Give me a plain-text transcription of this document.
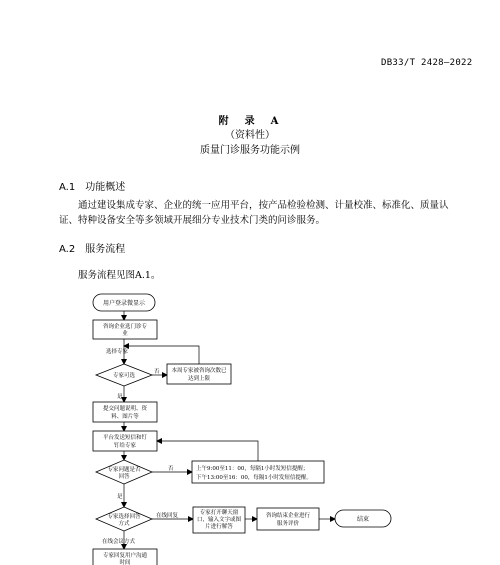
DB33/T 2428—2022
附　录　A
（资料性）
质量门诊服务功能示例
A.1　功能概述
通过建设集成专家、企业的统一应用平台，按产品检验检测、计量校准、标准化、质量认证、特种设备安全等多领域开展细分专业技术门类的问诊服务。
A.2　服务流程
服务流程见图A.1。
用户登录微显示
咨询企业选门诊专
业
选择专家
专家可选
否 本周专家被咨询次数已
达到上限
是
提交问题说明、资
料、图片等
平台发送短信和钉
钉给专家
专家问题是否
回答
否	上午9:00至11：00，每隔1小时发短信提醒；
下午13:00至16：00，每隔1小时发短信提醒。
是
专家选择回答
方式
在线回复	专家打开聊天窗
口，输入文字或图
片进行解答
咨询结束企业进行
服务评价
结束
在线会议方式
专家回复用户沟通
时间
